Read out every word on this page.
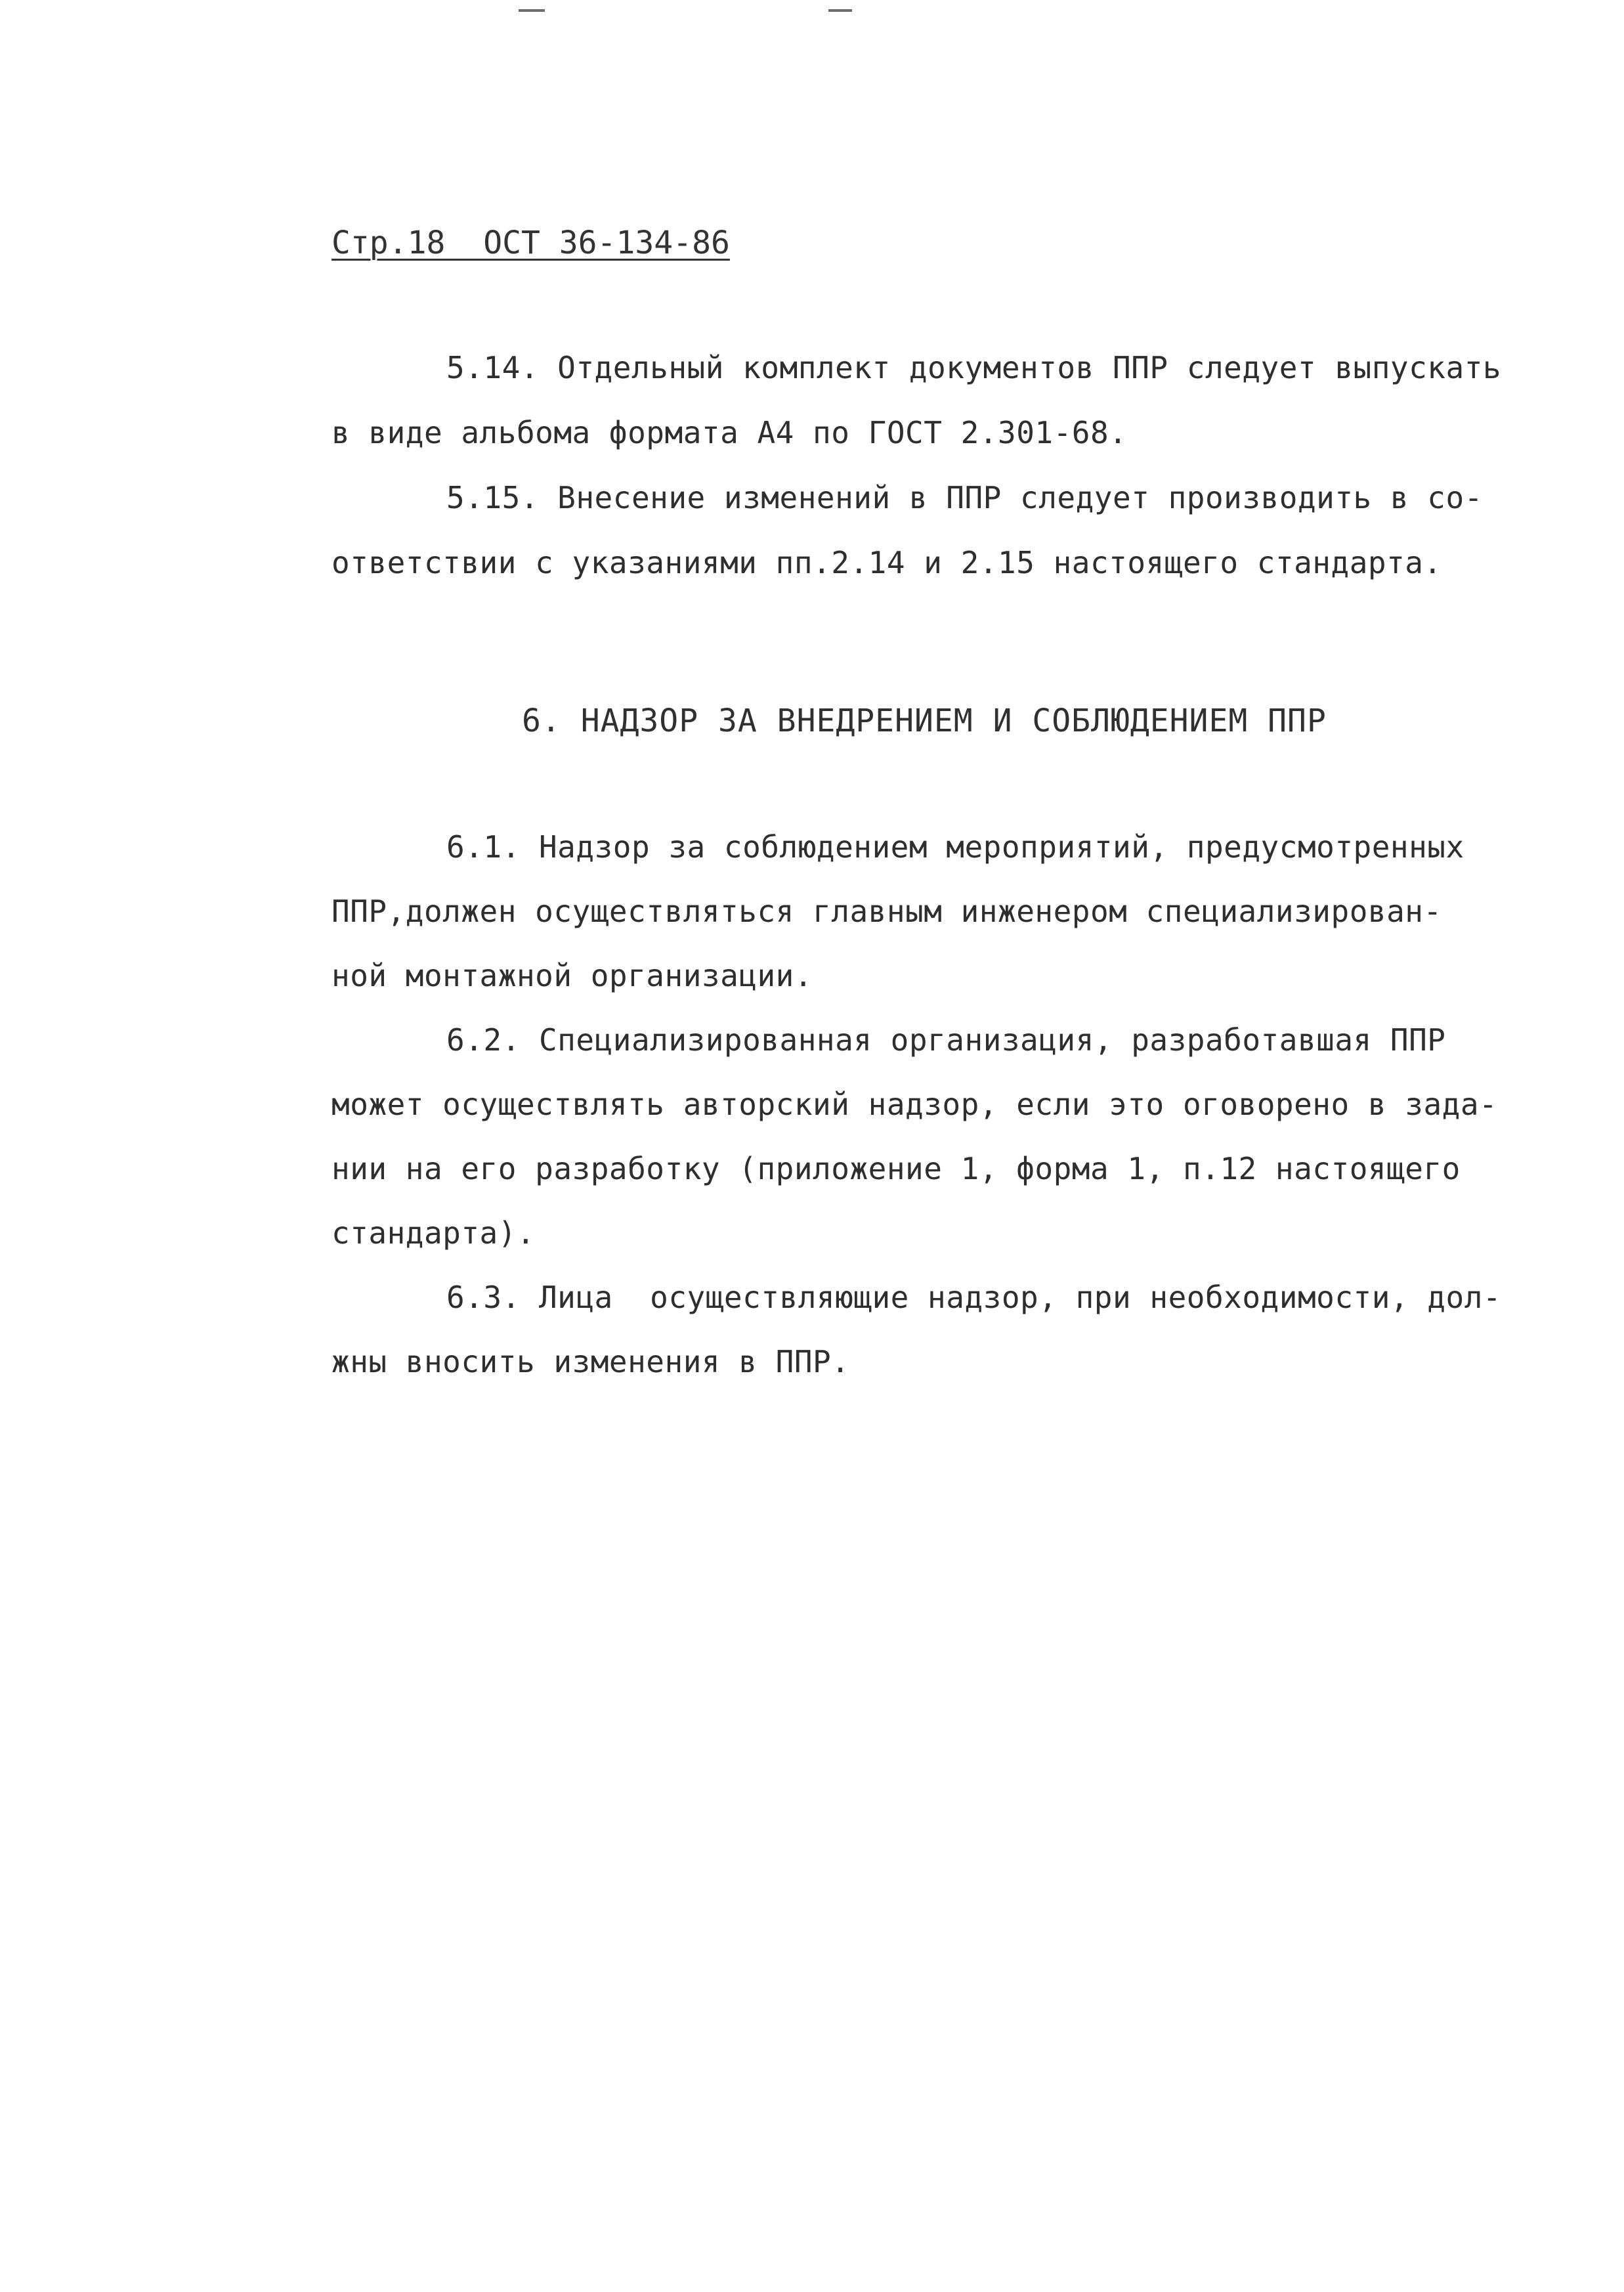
Стр.18  ОСТ 36-134-86
5.14. Отдельный комплект документов ППР следует выпускать
в виде альбома формата А4 по ГОСТ 2.301-68.
5.15. Внесение изменений в ППР следует производить в со-
ответствии с указаниями пп.2.14 и 2.15 настоящего стандарта.
6. НАДЗОР ЗА ВНЕДРЕНИЕМ И СОБЛЮДЕНИЕМ ППР
6.1. Надзор за соблюдением мероприятий, предусмотренных
ППР,должен осуществляться главным инженером специализирован-
ной монтажной организации.
6.2. Специализированная организация, разработавшая ППР
может осуществлять авторский надзор, если это оговорено в зада-
нии на его разработку (приложение 1, форма 1, п.12 настоящего
стандарта).
6.3. Лица  осуществляющие надзор, при необходимости, дол-
жны вносить изменения в ППР.
